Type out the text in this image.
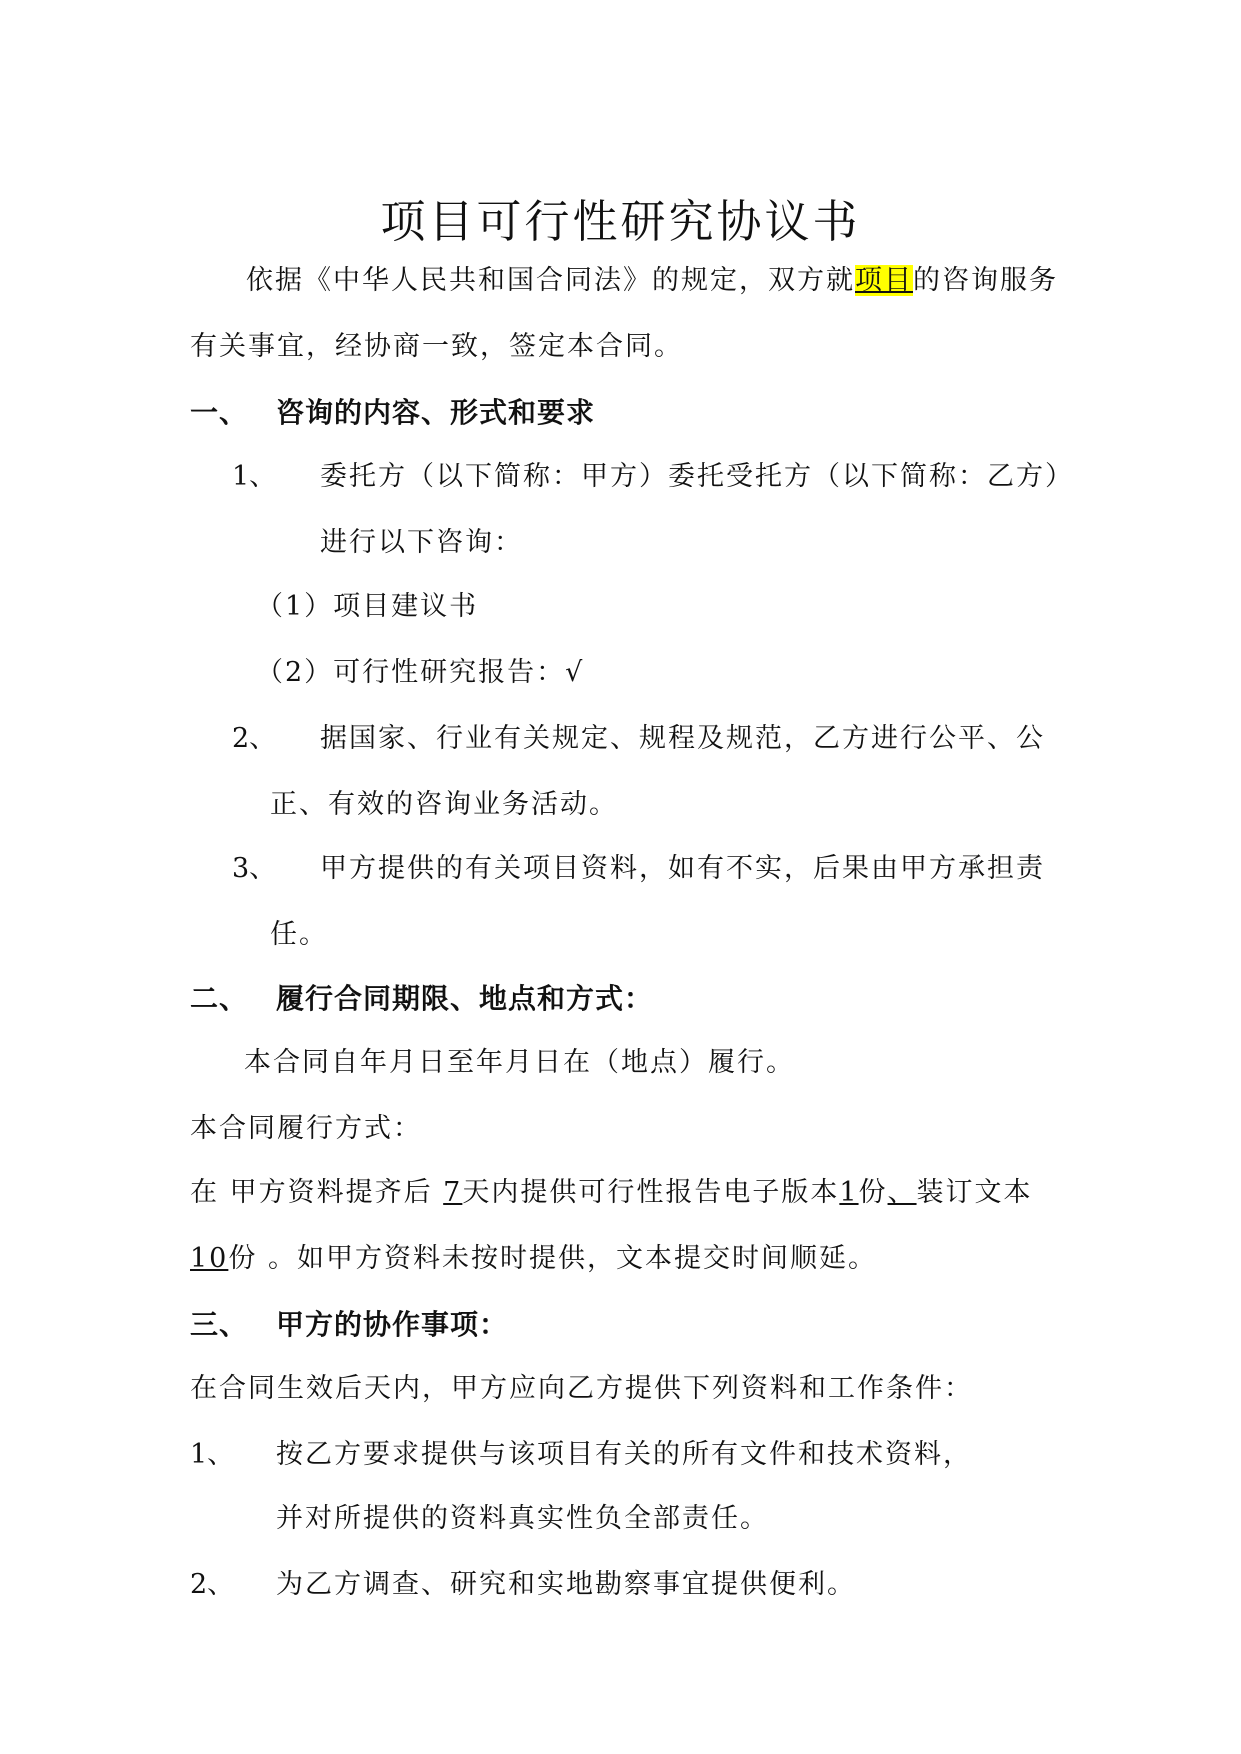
项目可行性研究协议书
依据《中华人民共和国合同法》的规定，双方就项目的咨询服务
有关事宜，经协商一致，签定本合同。
一、 咨询的内容、形式和要求
1、 委托方（以下简称：甲方）委托受托方（以下简称：乙方）
进行以下咨询：
（1）项目建议书
（2）可行性研究报告：√
2、 据国家、行业有关规定、规程及规范，乙方进行公平、公
正、有效的咨询业务活动。
3、 甲方提供的有关项目资料，如有不实，后果由甲方承担责
任。
二、 履行合同期限、地点和方式：
本合同自年月日至年月日在（地点）履行。
本合同履行方式：
在 甲方资料提齐后 7天内提供可行性报告电子版本1份、装订文本
10份 。如甲方资料未按时提供，文本提交时间顺延。
三、 甲方的协作事项：
在合同生效后天内，甲方应向乙方提供下列资料和工作条件：
1、 按乙方要求提供与该项目有关的所有文件和技术资料，
并对所提供的资料真实性负全部责任。
2、 为乙方调查、研究和实地勘察事宜提供便利。
